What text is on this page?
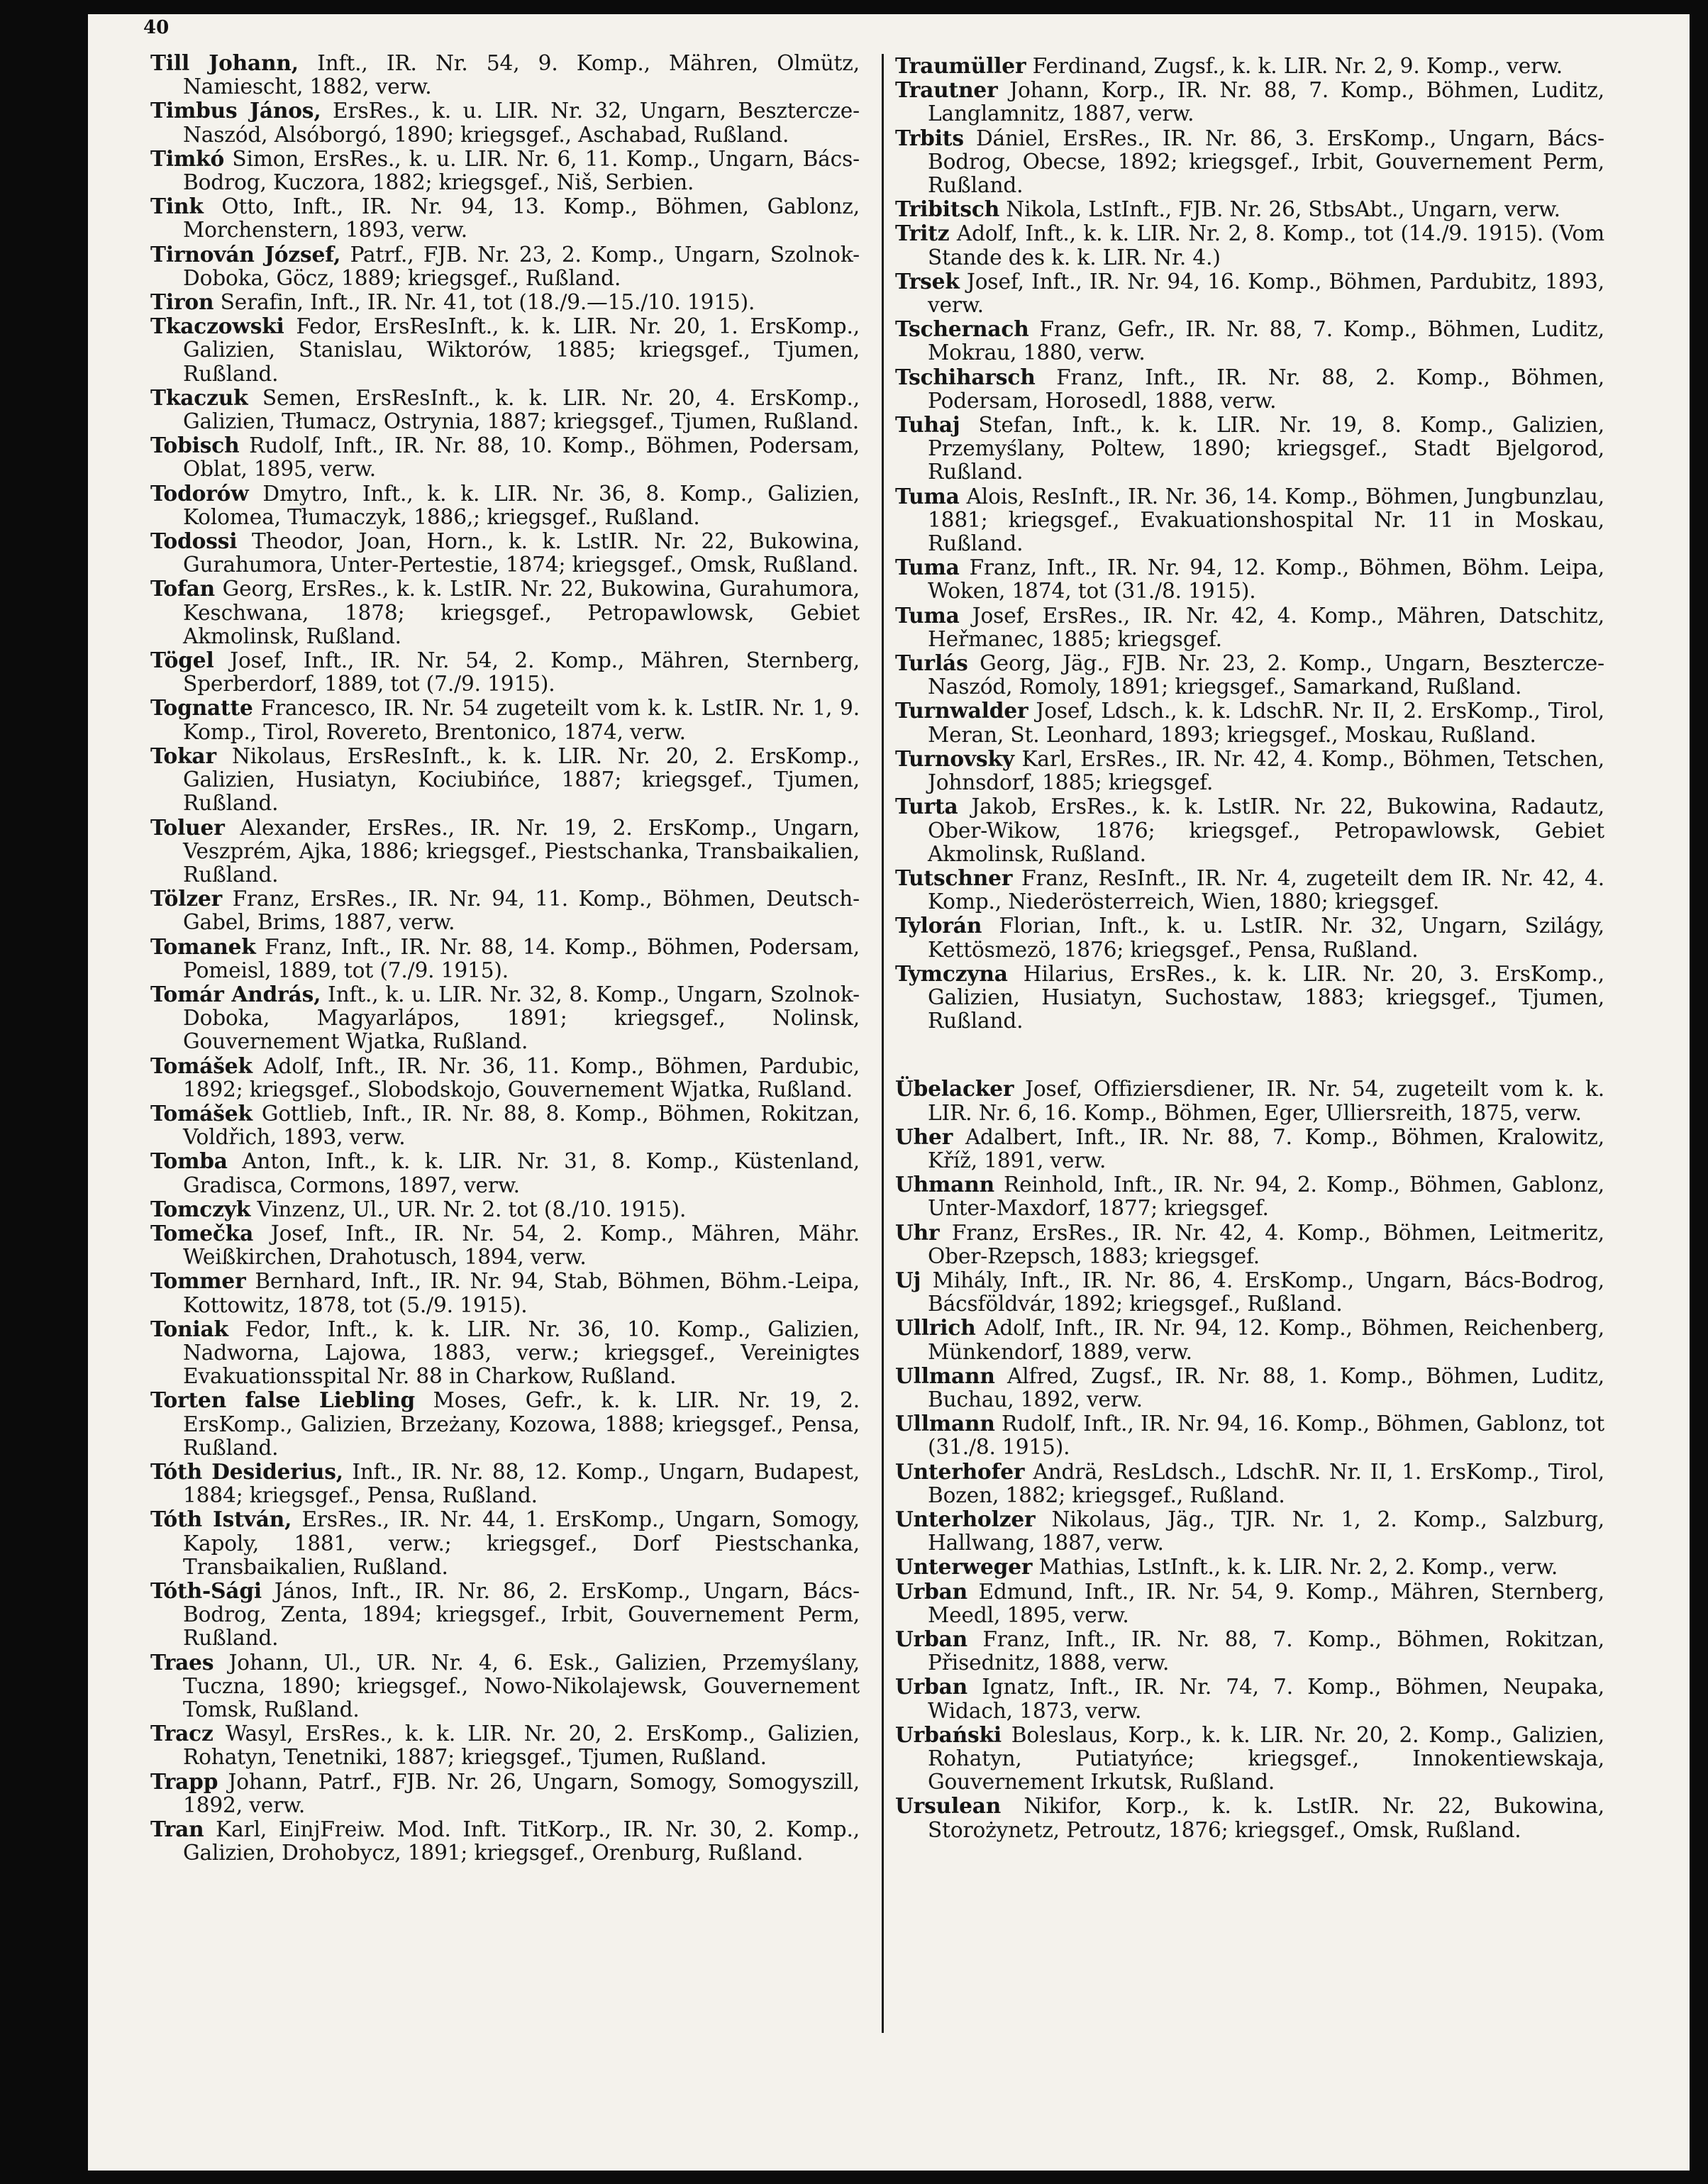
40
Till Johann, Inft., IR. Nr. 54, 9. Komp., Mähren, Olmütz, Namiescht, 1882, verw.
Timbus János, ErsRes., k. u. LIR. Nr. 32, Ungarn, Besztercze-Naszód, Alsóborgó, 1890; kriegsgef., Aschabad, Rußland.
Timkó Simon, ErsRes., k. u. LIR. Nr. 6, 11. Komp., Ungarn, Bács-Bodrog, Kuczora, 1882; kriegsgef., Niš, Serbien.
Tink Otto, Inft., IR. Nr. 94, 13. Komp., Böhmen, Gablonz, Morchenstern, 1893, verw.
Tirnován József, Patrf., FJB. Nr. 23, 2. Komp., Ungarn, Szolnok-Doboka, Göcz, 1889; kriegsgef., Rußland.
Tiron Serafin, Inft., IR. Nr. 41, tot (18./9.—15./10. 1915).
Tkaczowski Fedor, ErsResInft., k. k. LIR. Nr. 20, 1. ErsKomp., Galizien, Stanislau, Wiktorów, 1885; kriegsgef., Tjumen, Rußland.
Tkaczuk Semen, ErsResInft., k. k. LIR. Nr. 20, 4. ErsKomp., Galizien, Tłumacz, Ostrynia, 1887; kriegsgef., Tjumen, Rußland.
Tobisch Rudolf, Inft., IR. Nr. 88, 10. Komp., Böhmen, Podersam, Oblat, 1895, verw.
Todorów Dmytro, Inft., k. k. LIR. Nr. 36, 8. Komp., Galizien, Kolomea, Tłumaczyk, 1886,; kriegsgef., Rußland.
Todossi Theodor, Joan, Horn., k. k. LstIR. Nr. 22, Bukowina, Gurahumora, Unter-Pertestie, 1874; kriegsgef., Omsk, Rußland.
Tofan Georg, ErsRes., k. k. LstIR. Nr. 22, Bukowina, Gurahumora, Keschwana, 1878; kriegsgef., Petropawlowsk, Gebiet Akmolinsk, Rußland.
Tögel Josef, Inft., IR. Nr. 54, 2. Komp., Mähren, Sternberg, Sperberdorf, 1889, tot (7./9. 1915).
Tognatte Francesco, IR. Nr. 54 zugeteilt vom k. k. LstIR. Nr. 1, 9. Komp., Tirol, Rovereto, Brentonico, 1874, verw.
Tokar Nikolaus, ErsResInft., k. k. LIR. Nr. 20, 2. ErsKomp., Galizien, Husiatyn, Kociubińce, 1887; kriegsgef., Tjumen, Rußland.
Toluer Alexander, ErsRes., IR. Nr. 19, 2. ErsKomp., Ungarn, Veszprém, Ajka, 1886; kriegsgef., Piestschanka, Transbaikalien, Rußland.
Tölzer Franz, ErsRes., IR. Nr. 94, 11. Komp., Böhmen, Deutsch-Gabel, Brims, 1887, verw.
Tomanek Franz, Inft., IR. Nr. 88, 14. Komp., Böhmen, Podersam, Pomeisl, 1889, tot (7./9. 1915).
Tomár András, Inft., k. u. LIR. Nr. 32, 8. Komp., Ungarn, Szolnok-Doboka, Magyarlápos, 1891; kriegsgef., Nolinsk, Gouvernement Wjatka, Rußland.
Tomášek Adolf, Inft., IR. Nr. 36, 11. Komp., Böhmen, Pardubic, 1892; kriegsgef., Slobodskojo, Gouvernement Wjatka, Rußland.
Tomášek Gottlieb, Inft., IR. Nr. 88, 8. Komp., Böhmen, Rokitzan, Voldřich, 1893, verw.
Tomba Anton, Inft., k. k. LIR. Nr. 31, 8. Komp., Küstenland, Gradisca, Cormons, 1897, verw.
Tomczyk Vinzenz, Ul., UR. Nr. 2. tot (8./10. 1915).
Tomečka Josef, Inft., IR. Nr. 54, 2. Komp., Mähren, Mähr. Weißkirchen, Drahotusch, 1894, verw.
Tommer Bernhard, Inft., IR. Nr. 94, Stab, Böhmen, Böhm.-Leipa, Kottowitz, 1878, tot (5./9. 1915).
Toniak Fedor, Inft., k. k. LIR. Nr. 36, 10. Komp., Galizien, Nadworna, Lajowa, 1883, verw.; kriegsgef., Vereinigtes Evakuationsspital Nr. 88 in Charkow, Rußland.
Torten false Liebling Moses, Gefr., k. k. LIR. Nr. 19, 2. ErsKomp., Galizien, Brzeżany, Kozowa, 1888; kriegsgef., Pensa, Rußland.
Tóth Desiderius, Inft., IR. Nr. 88, 12. Komp., Ungarn, Budapest, 1884; kriegsgef., Pensa, Rußland.
Tóth István, ErsRes., IR. Nr. 44, 1. ErsKomp., Ungarn, Somogy, Kapoly, 1881, verw.; kriegsgef., Dorf Piestschanka, Transbaikalien, Rußland.
Tóth-Sági János, Inft., IR. Nr. 86, 2. ErsKomp., Ungarn, Bács-Bodrog, Zenta, 1894; kriegsgef., Irbit, Gouvernement Perm, Rußland.
Traes Johann, Ul., UR. Nr. 4, 6. Esk., Galizien, Przemyślany, Tuczna, 1890; kriegsgef., Nowo-Nikolajewsk, Gouvernement Tomsk, Rußland.
Tracz Wasyl, ErsRes., k. k. LIR. Nr. 20, 2. ErsKomp., Galizien, Rohatyn, Tenetniki, 1887; kriegsgef., Tjumen, Rußland.
Trapp Johann, Patrf., FJB. Nr. 26, Ungarn, Somogy, Somogyszill, 1892, verw.
Tran Karl, EinjFreiw. Mod. Inft. TitKorp., IR. Nr. 30, 2. Komp., Galizien, Drohobycz, 1891; kriegsgef., Orenburg, Rußland.
Traumüller Ferdinand, Zugsf., k. k. LIR. Nr. 2, 9. Komp., verw.
Trautner Johann, Korp., IR. Nr. 88, 7. Komp., Böhmen, Luditz, Langlamnitz, 1887, verw.
Trbits Dániel, ErsRes., IR. Nr. 86, 3. ErsKomp., Ungarn, Bács-Bodrog, Obecse, 1892; kriegsgef., Irbit, Gouvernement Perm, Rußland.
Tribitsch Nikola, LstInft., FJB. Nr. 26, StbsAbt., Ungarn, verw.
Tritz Adolf, Inft., k. k. LIR. Nr. 2, 8. Komp., tot (14./9. 1915). (Vom Stande des k. k. LIR. Nr. 4.)
Trsek Josef, Inft., IR. Nr. 94, 16. Komp., Böhmen, Pardubitz, 1893, verw.
Tschernach Franz, Gefr., IR. Nr. 88, 7. Komp., Böhmen, Luditz, Mokrau, 1880, verw.
Tschiharsch Franz, Inft., IR. Nr. 88, 2. Komp., Böhmen, Podersam, Horosedl, 1888, verw.
Tuhaj Stefan, Inft., k. k. LIR. Nr. 19, 8. Komp., Galizien, Przemyślany, Poltew, 1890; kriegsgef., Stadt Bjelgorod, Rußland.
Tuma Alois, ResInft., IR. Nr. 36, 14. Komp., Böhmen, Jungbunzlau, 1881; kriegsgef., Evakuationshospital Nr. 11 in Moskau, Rußland.
Tuma Franz, Inft., IR. Nr. 94, 12. Komp., Böhmen, Böhm. Leipa, Woken, 1874, tot (31./8. 1915).
Tuma Josef, ErsRes., IR. Nr. 42, 4. Komp., Mähren, Datschitz, Heřmanec, 1885; kriegsgef.
Turlás Georg, Jäg., FJB. Nr. 23, 2. Komp., Ungarn, Besztercze-Naszód, Romoly, 1891; kriegsgef., Samarkand, Rußland.
Turnwalder Josef, Ldsch., k. k. LdschR. Nr. II, 2. ErsKomp., Tirol, Meran, St. Leonhard, 1893; kriegsgef., Moskau, Rußland.
Turnovsky Karl, ErsRes., IR. Nr. 42, 4. Komp., Böhmen, Tetschen, Johnsdorf, 1885; kriegsgef.
Turta Jakob, ErsRes., k. k. LstIR. Nr. 22, Bukowina, Radautz, Ober-Wikow, 1876; kriegsgef., Petropawlowsk, Gebiet Akmolinsk, Rußland.
Tutschner Franz, ResInft., IR. Nr. 4, zugeteilt dem IR. Nr. 42, 4. Komp., Niederösterreich, Wien, 1880; kriegsgef.
Tylorán Florian, Inft., k. u. LstIR. Nr. 32, Ungarn, Szilágy, Kettösmezö, 1876; kriegsgef., Pensa, Rußland.
Tymczyna Hilarius, ErsRes., k. k. LIR. Nr. 20, 3. ErsKomp., Galizien, Husiatyn, Suchostaw, 1883; kriegsgef., Tjumen, Rußland.
Übelacker Josef, Offiziersdiener, IR. Nr. 54, zugeteilt vom k. k. LIR. Nr. 6, 16. Komp., Böhmen, Eger, Ulliersreith, 1875, verw.
Uher Adalbert, Inft., IR. Nr. 88, 7. Komp., Böhmen, Kralowitz, Kříž, 1891, verw.
Uhmann Reinhold, Inft., IR. Nr. 94, 2. Komp., Böhmen, Gablonz, Unter-Maxdorf, 1877; kriegsgef.
Uhr Franz, ErsRes., IR. Nr. 42, 4. Komp., Böhmen, Leitmeritz, Ober-Rzepsch, 1883; kriegsgef.
Uj Mihály, Inft., IR. Nr. 86, 4. ErsKomp., Ungarn, Bács-Bodrog, Bácsföldvár, 1892; kriegsgef., Rußland.
Ullrich Adolf, Inft., IR. Nr. 94, 12. Komp., Böhmen, Reichenberg, Münkendorf, 1889, verw.
Ullmann Alfred, Zugsf., IR. Nr. 88, 1. Komp., Böhmen, Luditz, Buchau, 1892, verw.
Ullmann Rudolf, Inft., IR. Nr. 94, 16. Komp., Böhmen, Gablonz, tot (31./8. 1915).
Unterhofer Andrä, ResLdsch., LdschR. Nr. II, 1. ErsKomp., Tirol, Bozen, 1882; kriegsgef., Rußland.
Unterholzer Nikolaus, Jäg., TJR. Nr. 1, 2. Komp., Salzburg, Hallwang, 1887, verw.
Unterweger Mathias, LstInft., k. k. LIR. Nr. 2, 2. Komp., verw.
Urban Edmund, Inft., IR. Nr. 54, 9. Komp., Mähren, Sternberg, Meedl, 1895, verw.
Urban Franz, Inft., IR. Nr. 88, 7. Komp., Böhmen, Rokitzan, Přisednitz, 1888, verw.
Urban Ignatz, Inft., IR. Nr. 74, 7. Komp., Böhmen, Neupaka, Widach, 1873, verw.
Urbański Boleslaus, Korp., k. k. LIR. Nr. 20, 2. Komp., Galizien, Rohatyn, Putiatyńce; kriegsgef., Innokentiewskaja, Gouvernement Irkutsk, Rußland.
Ursulean Nikifor, Korp., k. k. LstIR. Nr. 22, Bukowina, Storożynetz, Petroutz, 1876; kriegsgef., Omsk, Rußland.
